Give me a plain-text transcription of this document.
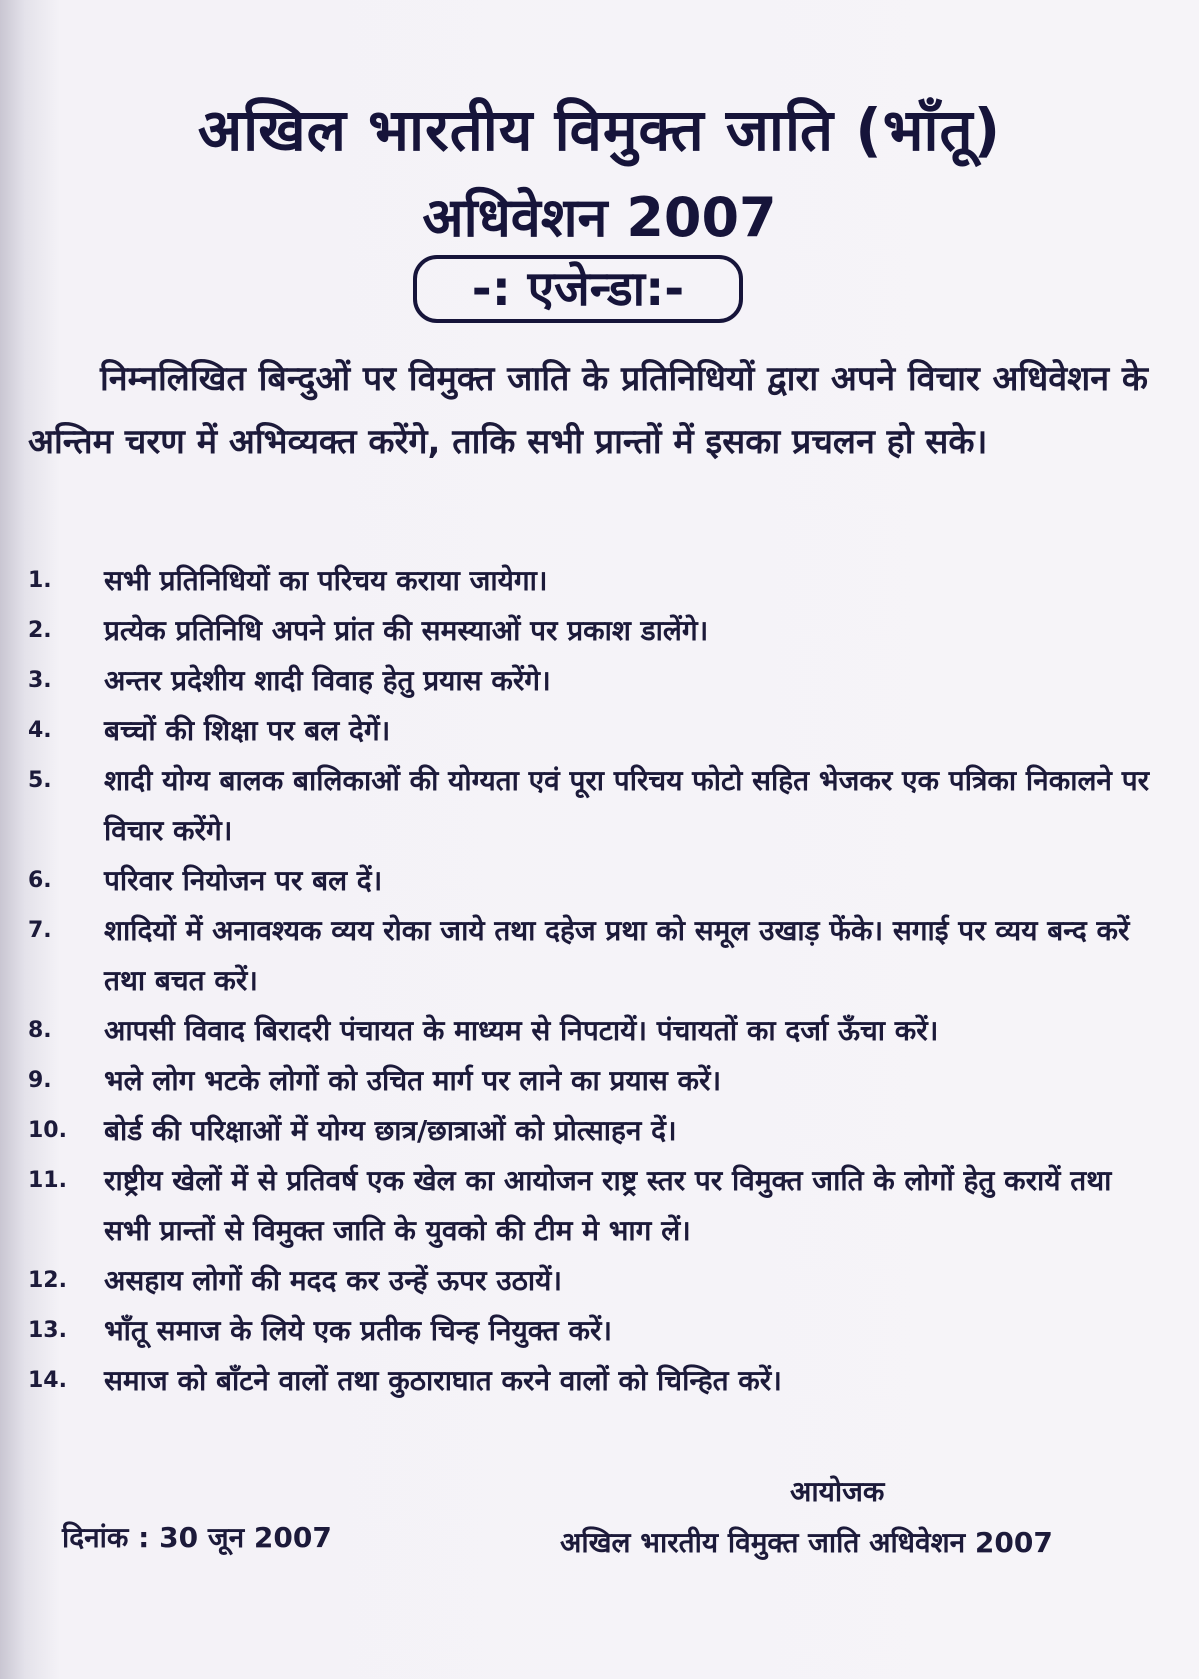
अखिल भारतीय विमुक्त जाति (भाँतू)
अधिवेशन 2007
-: एजेन्डा:-
निम्नलिखित बिन्दुओं पर विमुक्त जाति के प्रतिनिधियों द्वारा अपने विचार अधिवेशन के अन्तिम चरण में अभिव्यक्त करेंगे, ताकि सभी प्रान्तों में इसका प्रचलन हो सके।
1.	सभी प्रतिनिधियों का परिचय कराया जायेगा।
2.	प्रत्येक प्रतिनिधि अपने प्रांत की समस्याओं पर प्रकाश डालेंगे।
3.	अन्तर प्रदेशीय शादी विवाह हेतु प्रयास करेंगे।
4.	बच्चों की शिक्षा पर बल देगें।
5.	शादी योग्य बालक बालिकाओं की योग्यता एवं पूरा परिचय फोटो सहित भेजकर एक पत्रिका निकालने पर विचार करेंगे।
6.	परिवार नियोजन पर बल दें।
7.	शादियों में अनावश्यक व्यय रोका जाये तथा दहेज प्रथा को समूल उखाड़ फेंके। सगाई पर व्यय बन्द करें तथा बचत करें।
8.	आपसी विवाद बिरादरी पंचायत के माध्यम से निपटायें। पंचायतों का दर्जा ऊँचा करें।
9.	भले लोग भटके लोगों को उचित मार्ग पर लाने का प्रयास करें।
10.	बोर्ड की परिक्षाओं में योग्य छात्र/छात्राओं को प्रोत्साहन दें।
11.	राष्ट्रीय खेलों में से प्रतिवर्ष एक खेल का आयोजन राष्ट्र स्तर पर विमुक्त जाति के लोगों हेतु करायें तथा सभी प्रान्तों से विमुक्त जाति के युवको की टीम मे भाग लें।
12.	असहाय लोगों की मदद कर उन्हें ऊपर उठायें।
13.	भाँतू समाज के लिये एक प्रतीक चिन्ह नियुक्त करें।
14.	समाज को बाँटने वालों तथा कुठाराघात करने वालों को चिन्हित करें।
आयोजक
अखिल भारतीय विमुक्त जाति अधिवेशन 2007
दिनांक : 30 जून 2007
